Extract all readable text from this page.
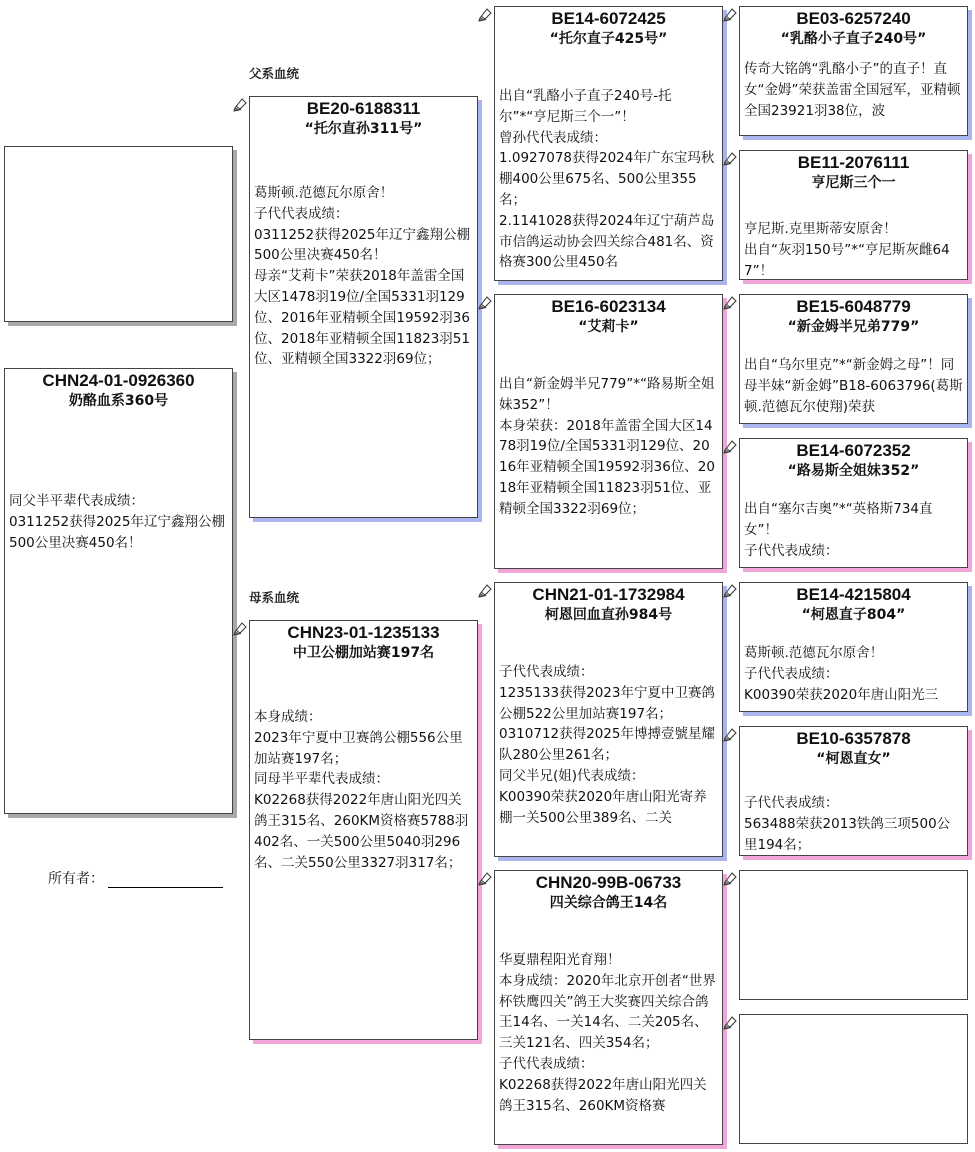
父系血统
母系血统
CHN24-01-0926360
奶酪血系360号

同父半平辈代表成绩：

0311252获得2025年辽宁鑫翔公棚500公里决赛450名！

所有者：
BE20-6188311
“托尔直孙311号”

葛斯顿.范德瓦尔原舍！

子代代表成绩：

0311252获得2025年辽宁鑫翔公棚500公里决赛450名！

母亲“艾莉卡”荣获2018年盖雷全国大区1478羽19位/全国5331羽129位、2016年亚精顿全国19592羽36位、2018年亚精顿全国11823羽51位、亚精顿全国3322羽69位；

CHN23-01-1235133
中卫公棚加站赛197名

本身成绩：

2023年宁夏中卫赛鸽公棚556公里加站赛197名；

同母半平辈代表成绩：

K02268获得2022年唐山阳光四关鸽王315名、260KM资格赛5788羽402名、一关500公里5040羽296名、二关550公里3327羽317名；

BE14-6072425
“托尔直子425号”

出自“乳酪小子直子240号-托尔”*“亨尼斯三个一”！

曾孙代代表成绩：

1.0927078获得2024年广东宝玛秋棚400公里675名、500公里355名；

2.1141028获得2024年辽宁葫芦岛市信鸽运动协会四关综合481名、资格赛300公里450名

BE16-6023134
“艾莉卡”

出自“新金姆半兄779”*“路易斯全姐妹352”！

本身荣获：2018年盖雷全国大区1478羽19位/全国5331羽129位、2016年亚精顿全国19592羽36位、2018年亚精顿全国11823羽51位、亚精顿全国3322羽69位；

CHN21-01-1732984
柯恩回血直孙984号

子代代表成绩：

1235133获得2023年宁夏中卫赛鸽公棚522公里加站赛197名；

0310712获得2025年博搏壹號星耀队280公里261名；

同父半兄(姐)代表成绩：

K00390荣获2020年唐山阳光寄养棚一关500公里389名、二关

CHN20-99B-06733
四关综合鸽王14名

华夏鼎程阳光育翔！

本身成绩：2020年北京开创者“世界杯铁鹰四关”鸽王大奖赛四关综合鸽王14名、一关14名、二关205名、三关121名、四关354名；

子代代表成绩：

K02268获得2022年唐山阳光四关鸽王315名、260KM资格赛

BE03-6257240
“乳酪小子直子240号”

传奇大铭鸽“乳酪小子”的直子！直女“金姆”荣获盖雷全国冠军，亚精顿全国23921羽38位，波

BE11-2076111
亨尼斯三个一

亨尼斯.克里斯蒂安原舍！

出自“灰羽150号”*“亨尼斯灰雌647”！

BE15-6048779
“新金姆半兄弟779”

出自“乌尔里克”*“新金姆之母”！同母半妹“新金姆”B18-6063796(葛斯顿.范德瓦尔使翔)荣获

BE14-6072352
“路易斯全姐妹352”

出自“塞尔吉奥”*“英格斯734直女”！

子代代表成绩：

BE14-4215804
“柯恩直子804”

葛斯顿.范德瓦尔原舍！

子代代表成绩：

K00390荣获2020年唐山阳光三

BE10-6357878
“柯恩直女”

子代代表成绩：

563488荣获2013铁鸽三项500公里194名；
